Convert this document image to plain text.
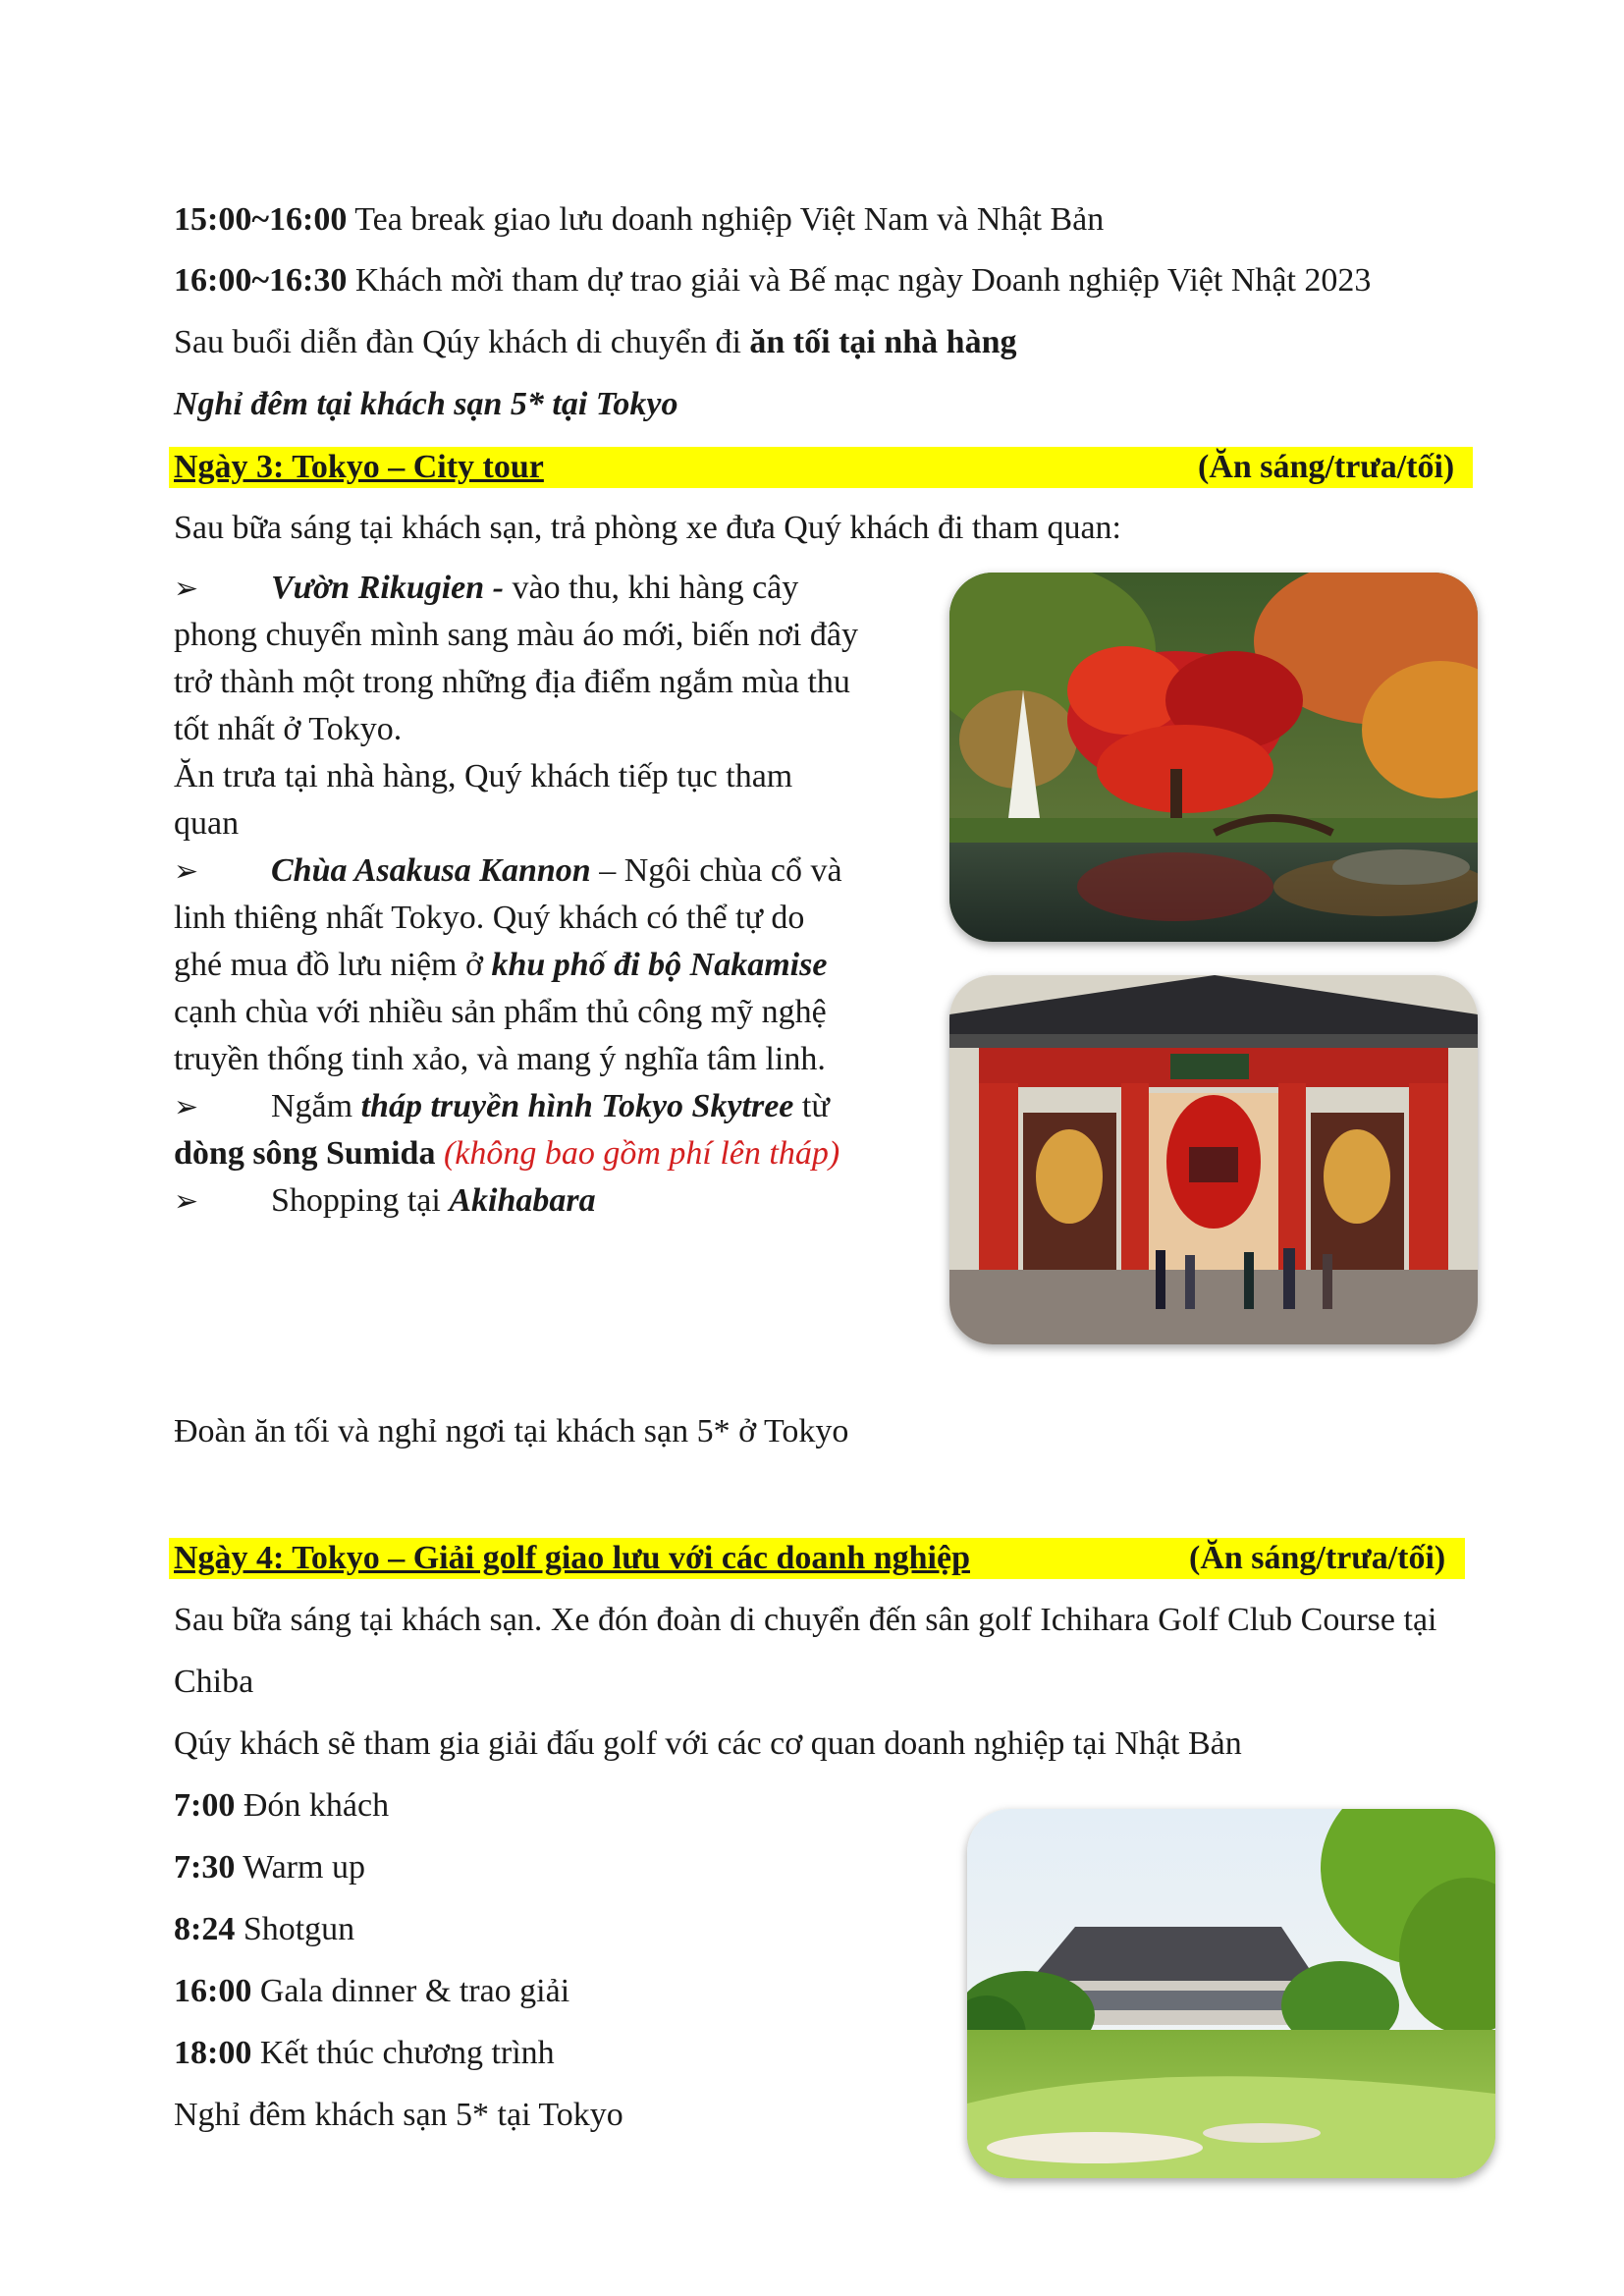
15:00~16:00 Tea break giao lưu doanh nghiệp Việt Nam và Nhật Bản
16:00~16:30 Khách mời tham dự trao giải và Bế mạc ngày Doanh nghiệp Việt Nhật 2023
Sau buổi diễn đàn Qúy khách di chuyển đi ăn tối tại nhà hàng
Nghỉ đêm tại khách sạn 5* tại Tokyo
Ngày 3: Tokyo – City tour	(Ăn sáng/trưa/tối)
Sau bữa sáng tại khách sạn, trả phòng xe đưa Quý khách đi tham quan:
➢ Vườn Rikugien - vào thu, khi hàng cây
phong chuyển mình sang màu áo mới, biến nơi đây
trở thành một trong những địa điểm ngắm mùa thu
tốt nhất ở Tokyo.
Ăn trưa tại nhà hàng, Quý khách tiếp tục tham
quan
➢ Chùa Asakusa Kannon – Ngôi chùa cổ và
linh thiêng nhất Tokyo. Quý khách có thể tự do
ghé mua đồ lưu niệm ở khu phố đi bộ Nakamise
cạnh chùa với nhiều sản phẩm thủ công mỹ nghệ
truyền thống tinh xảo, và mang ý nghĩa tâm linh.
➢ Ngắm tháp truyền hình Tokyo Skytree từ
dòng sông Sumida (không bao gồm phí lên tháp)
➢ Shopping tại Akihabara
Đoàn ăn tối và nghỉ ngơi tại khách sạn 5* ở Tokyo
Ngày 4: Tokyo – Giải golf giao lưu với các doanh nghiệp	(Ăn sáng/trưa/tối)
Sau bữa sáng tại khách sạn. Xe đón đoàn di chuyển đến sân golf Ichihara Golf Club Course tại
Chiba
Qúy khách sẽ tham gia giải đấu golf với các cơ quan doanh nghiệp tại Nhật Bản
7:00 Đón khách
7:30 Warm up
8:24 Shotgun
16:00 Gala dinner & trao giải
18:00 Kết thúc chương trình
Nghỉ đêm khách sạn 5* tại Tokyo
